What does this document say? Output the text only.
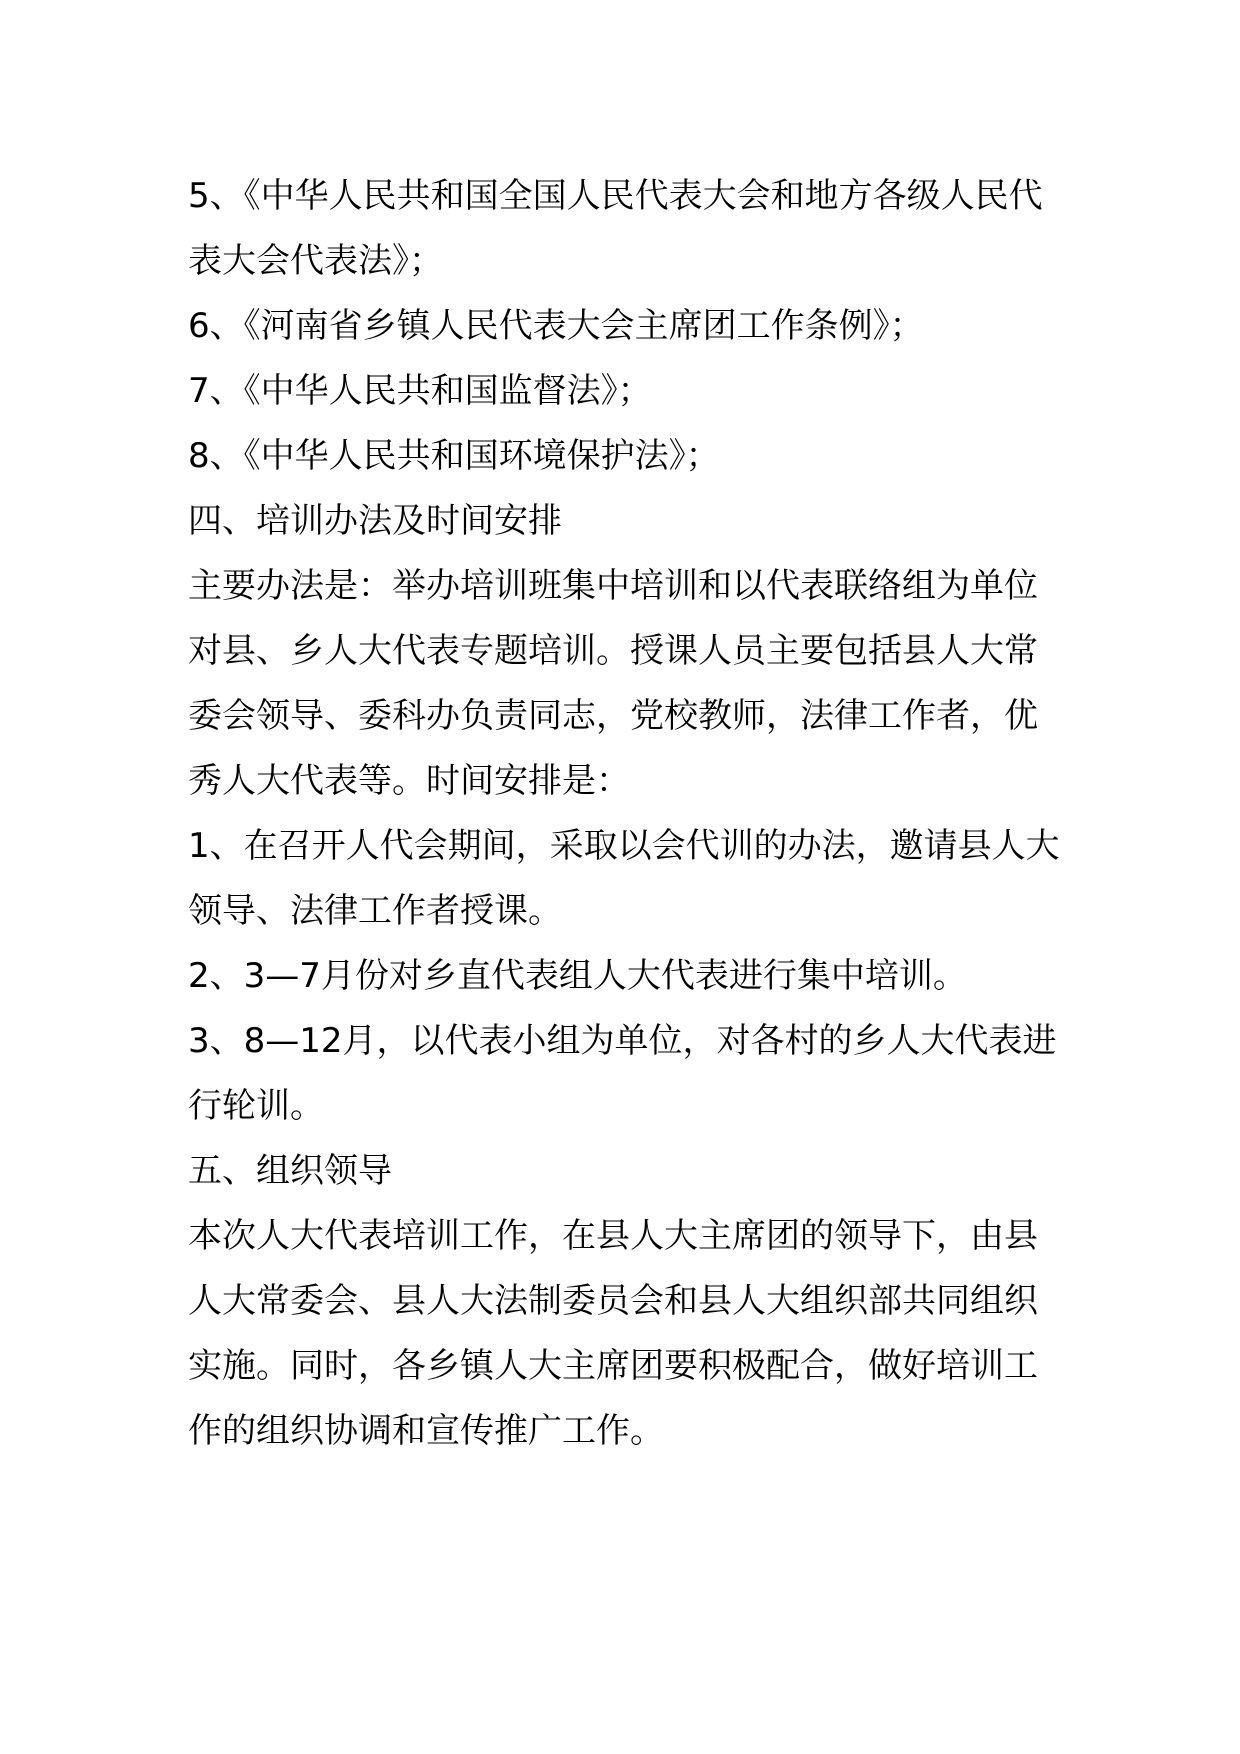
5、《中华人民共和国全国人民代表大会和地方各级人民代表大会代表法》；

6、《河南省乡镇人民代表大会主席团工作条例》；

7、《中华人民共和国监督法》；

8、《中华人民共和国环境保护法》；

四、培训办法及时间安排

主要办法是：举办培训班集中培训和以代表联络组为单位对县、乡人大代表专题培训。授课人员主要包括县人大常委会领导、委科办负责同志，党校教师，法律工作者，优秀人大代表等。时间安排是：

1、在召开人代会期间，采取以会代训的办法，邀请县人大领导、法律工作者授课。

2、3—7月份对乡直代表组人大代表进行集中培训。

3、8—12月，以代表小组为单位，对各村的乡人大代表进行轮训。

五、组织领导

本次人大代表培训工作，在县人大主席团的领导下，由县人大常委会、县人大法制委员会和县人大组织部共同组织实施。同时，各乡镇人大主席团要积极配合，做好培训工作的组织协调和宣传推广工作。
